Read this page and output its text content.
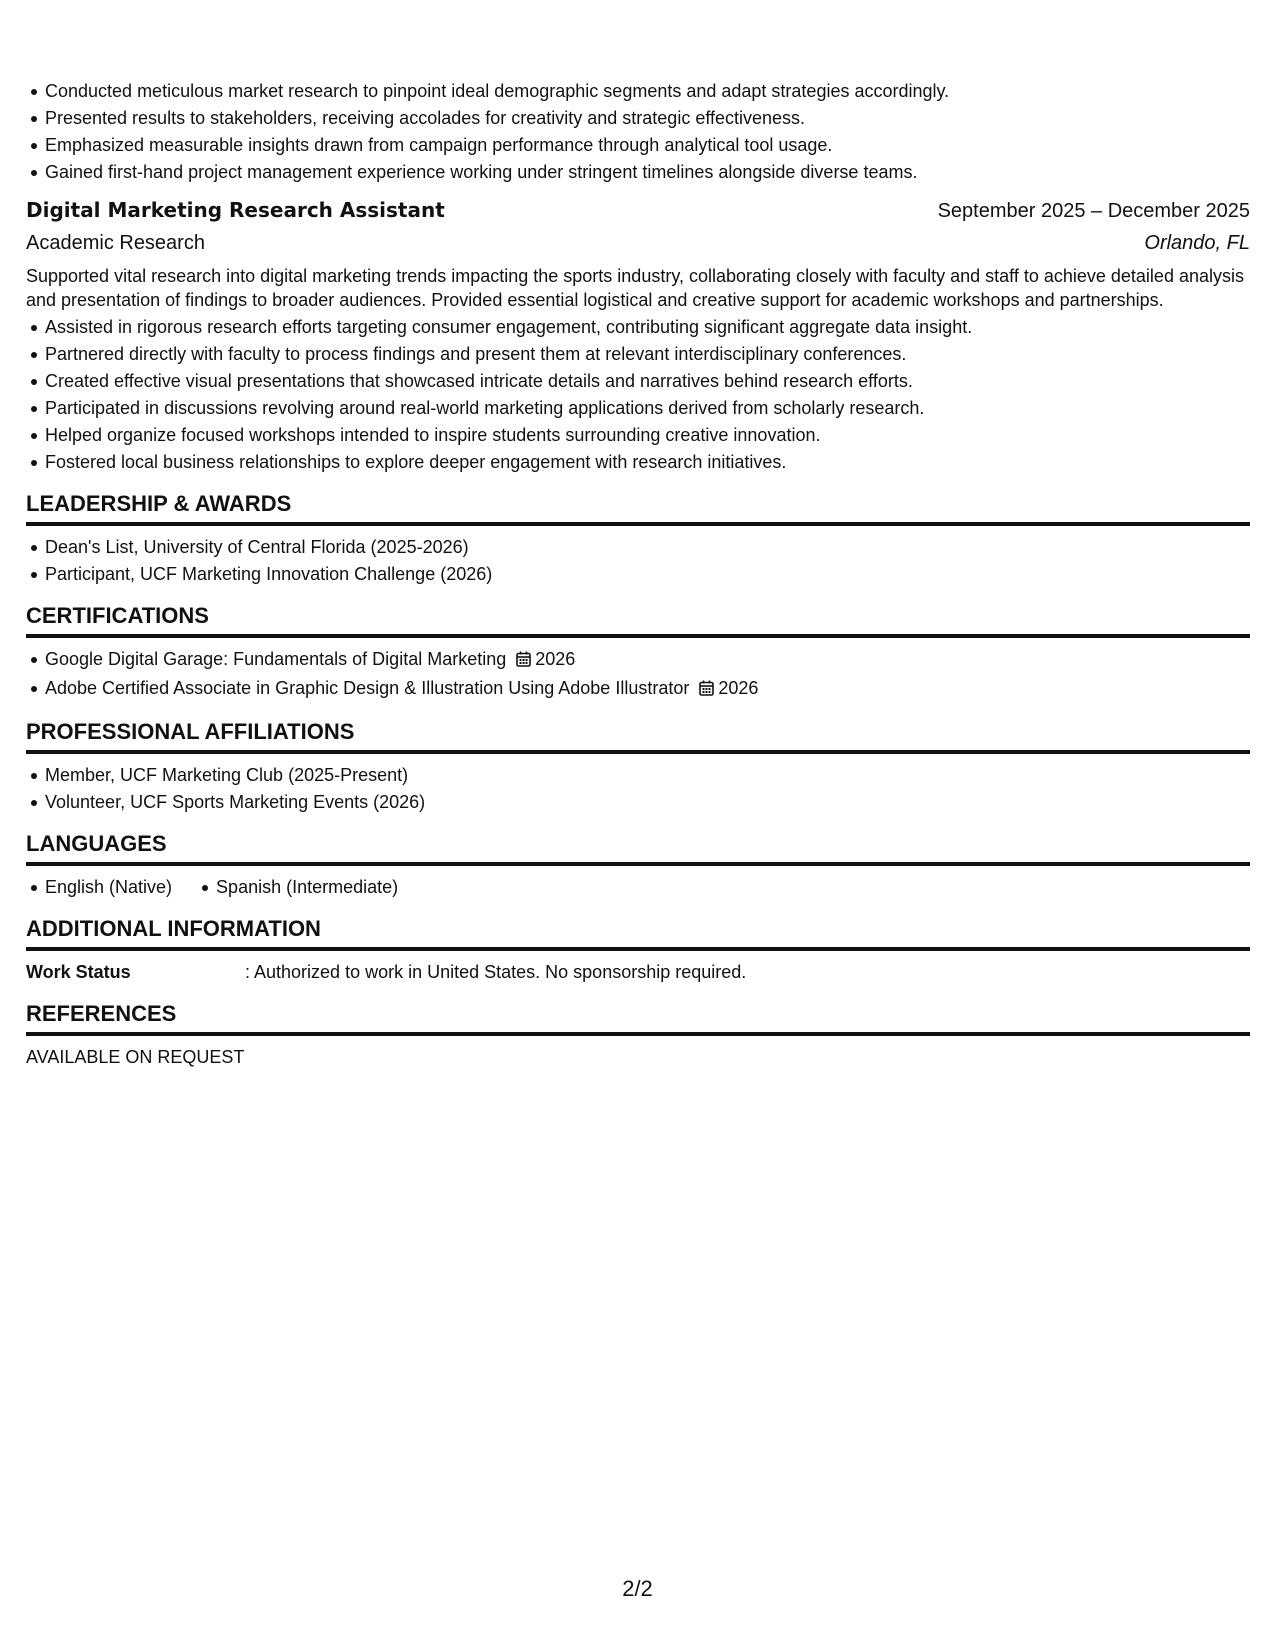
Conducted meticulous market research to pinpoint ideal demographic segments and adapt strategies accordingly.
Presented results to stakeholders, receiving accolades for creativity and strategic effectiveness.
Emphasized measurable insights drawn from campaign performance through analytical tool usage.
Gained first-hand project management experience working under stringent timelines alongside diverse teams.
Digital Marketing Research Assistant	September 2025 – December 2025
Academic Research	Orlando, FL
Supported vital research into digital marketing trends impacting the sports industry, collaborating closely with faculty and staff to achieve detailed analysis and presentation of findings to broader audiences. Provided essential logistical and creative support for academic workshops and partnerships.
Assisted in rigorous research efforts targeting consumer engagement, contributing significant aggregate data insight.
Partnered directly with faculty to process findings and present them at relevant interdisciplinary conferences.
Created effective visual presentations that showcased intricate details and narratives behind research efforts.
Participated in discussions revolving around real-world marketing applications derived from scholarly research.
Helped organize focused workshops intended to inspire students surrounding creative innovation.
Fostered local business relationships to explore deeper engagement with research initiatives.
LEADERSHIP & AWARDS
Dean's List, University of Central Florida (2025-2026)
Participant, UCF Marketing Innovation Challenge (2026)
CERTIFICATIONS
Google Digital Garage: Fundamentals of Digital Marketing 2026
Adobe Certified Associate in Graphic Design & Illustration Using Adobe Illustrator 2026
PROFESSIONAL AFFILIATIONS
Member, UCF Marketing Club (2025-Present)
Volunteer, UCF Sports Marketing Events (2026)
LANGUAGES
English (Native) Spanish (Intermediate)
ADDITIONAL INFORMATION
Work Status	: Authorized to work in United States. No sponsorship required.
REFERENCES
AVAILABLE ON REQUEST
2/2
